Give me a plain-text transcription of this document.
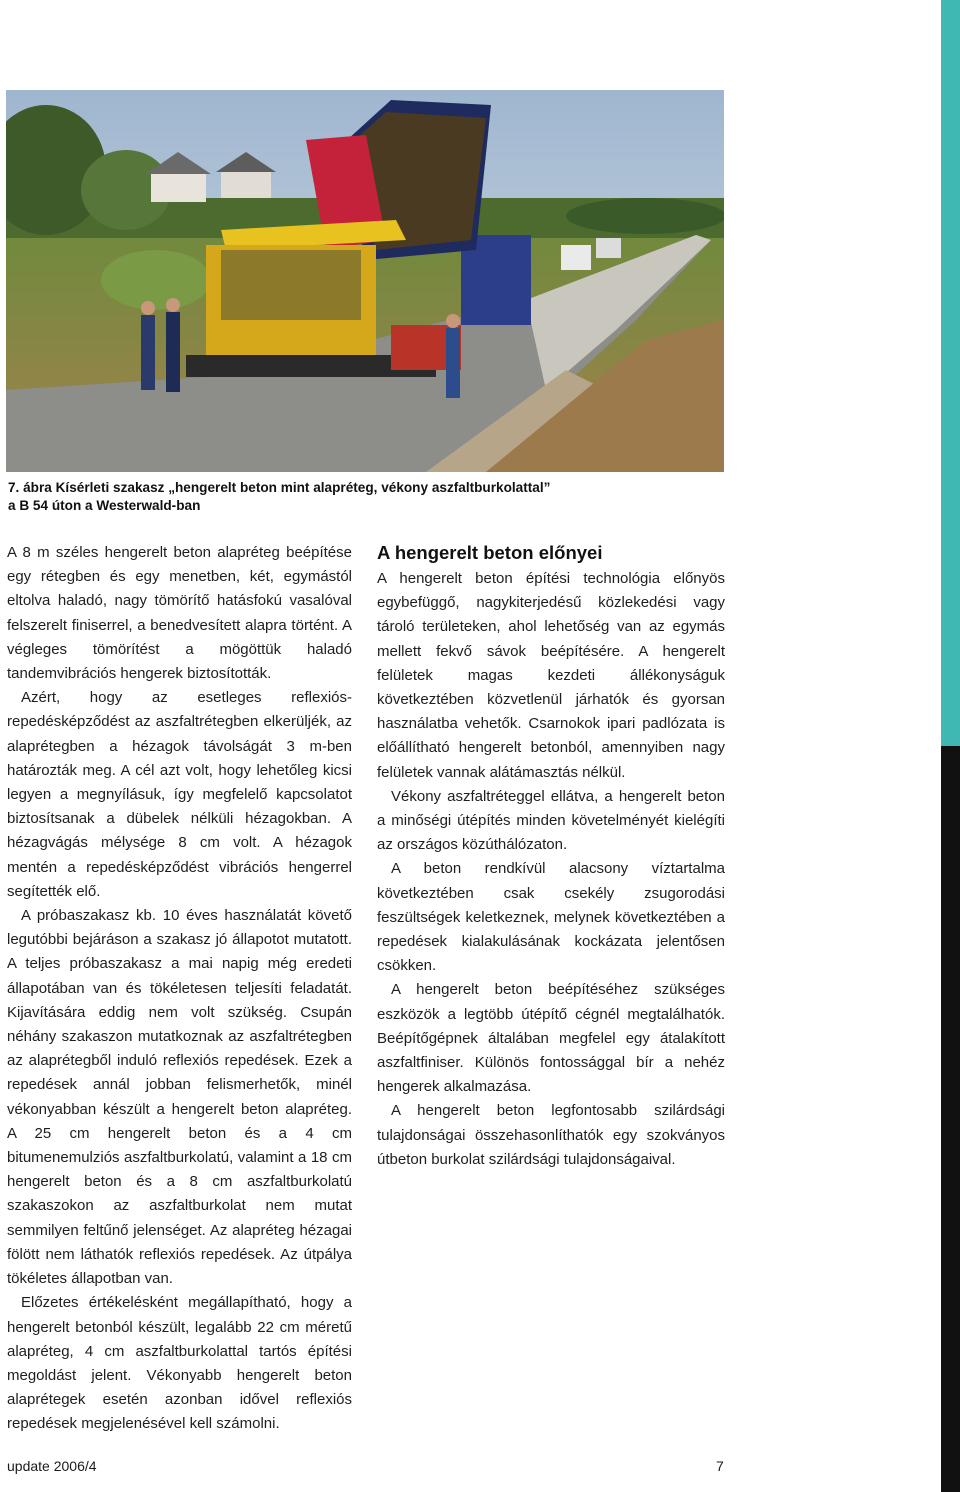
7. ábra Kísérleti szakasz „hengerelt beton mint alapréteg, vékony aszfaltburkolattal”

a B 54 úton a Westerwald-ban

A 8 m széles hengerelt beton alapréteg beépítése egy rétegben és egy menetben, két, egymástól eltolva haladó, nagy tömörítő hatásfokú vasalóval felszerelt finiserrel, a benedvesített alapra történt. A végleges tömörítést a mögöttük haladó tandemvibrációs hengerek biztosították.

Azért, hogy az esetleges reflexiós-repedésképződést az aszfaltrétegben elkerüljék, az alaprétegben a hézagok távolságát 3 m-ben határozták meg. A cél azt volt, hogy lehetőleg kicsi legyen a megnyílásuk, így megfelelő kapcsolatot biztosítsanak a dübelek nélküli hézagokban. A hézagvágás mélysége 8 cm volt. A hézagok mentén a repedésképződést vibrációs hengerrel segítették elő.

A próbaszakasz kb. 10 éves használatát követő legutóbbi bejáráson a szakasz jó állapotot mutatott. A teljes próbaszakasz a mai napig még eredeti állapotában van és tökéletesen teljesíti feladatát. Kijavítására eddig nem volt szükség. Csupán néhány szakaszon mutatkoznak az aszfaltrétegben az alaprétegből induló reflexiós repedések. Ezek a repedések annál jobban felismerhetők, minél vékonyabban készült a hengerelt beton alapréteg. A 25 cm hengerelt beton és a 4 cm bitumenemulziós aszfaltburkolatú, valamint a 18 cm hengerelt beton és a 8 cm aszfaltburkolatú szakaszokon az aszfaltburkolat nem mutat semmilyen feltűnő jelenséget. Az alapréteg hézagai fölött nem láthatók reflexiós repedések. Az útpálya tökéletes állapotban van.

Előzetes értékelésként megállapítható, hogy a hengerelt betonból készült, legalább 22 cm méretű alapréteg, 4 cm aszfaltburkolattal tartós építési megoldást jelent. Vékonyabb hengerelt beton alaprétegek esetén azonban idővel reflexiós repedések megjelenésével kell számolni.

A hengerelt beton előnyei

A hengerelt beton építési technológia előnyös egybefüggő, nagykiterjedésű közlekedési vagy tároló területeken, ahol lehetőség van az egymás mellett fekvő sávok beépítésére. A hengerelt felületek magas kezdeti állékonyságuk következtében közvetlenül járhatók és gyorsan használatba vehetők. Csarnokok ipari padlózata is előállítható hengerelt betonból, amennyiben nagy felületek vannak alátámasztás nélkül.

Vékony aszfaltréteggel ellátva, a hengerelt beton a minőségi útépítés minden követelményét kielégíti az országos közúthálózaton.

A beton rendkívül alacsony víztartalma következtében csak csekély zsugorodási feszültségek keletkeznek, melynek következtében a repedések kialakulásának kockázata jelentősen csökken.

A hengerelt beton beépítéséhez szükséges eszközök a legtöbb útépítő cégnél megtalálhatók. Beépítőgépnek általában megfelel egy átalakított aszfaltfiniser. Különös fontossággal bír a nehéz hengerek alkalmazása.

A hengerelt beton legfontosabb szilárdsági tulajdonságai összehasonlíthatók egy szokványos útbeton burkolat szilárdsági tulajdonságaival.

update 2006/4	7
